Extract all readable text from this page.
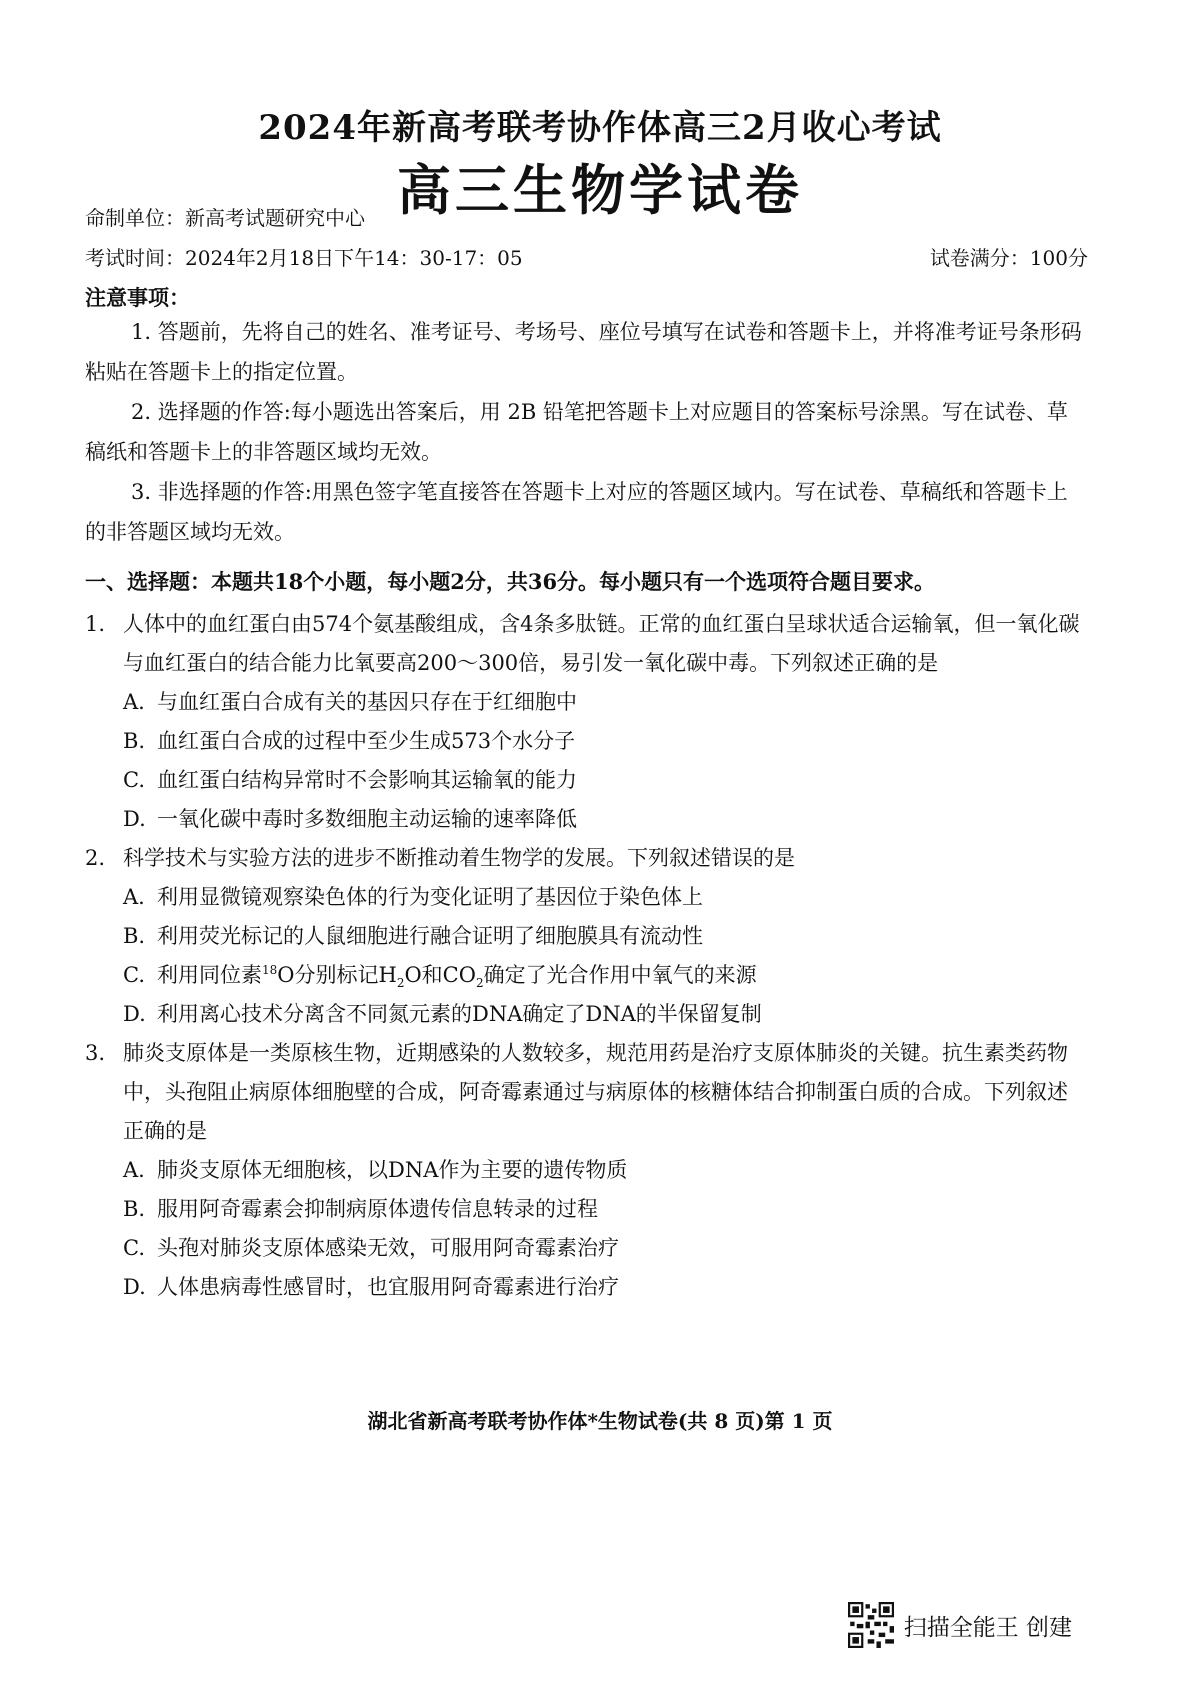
2024年新高考联考协作体高三2月收心考试
高三生物学试卷
命制单位：新高考试题研究中心
考试时间：2024年2月18日下午14：30-17：05	试卷满分：100分
注意事项：

1. 答题前，先将自己的姓名、准考证号、考场号、座位号填写在试卷和答题卡上，并将准考证号条形码粘贴在答题卡上的指定位置。

2. 选择题的作答:每小题选出答案后，用 2B 铅笔把答题卡上对应题目的答案标号涂黑。写在试卷、草稿纸和答题卡上的非答题区域均无效。

3. 非选择题的作答:用黑色签字笔直接答在答题卡上对应的答题区域内。写在试卷、草稿纸和答题卡上的非答题区域均无效。

一、选择题：本题共18个小题，每小题2分，共36分。每小题只有一个选项符合题目要求。
1. 人体中的血红蛋白由574个氨基酸组成，含4条多肽链。正常的血红蛋白呈球状适合运输氧，但一氧化碳与血红蛋白的结合能力比氧要高200～300倍，易引发一氧化碳中毒。下列叙述正确的是
A. 与血红蛋白合成有关的基因只存在于红细胞中
B. 血红蛋白合成的过程中至少生成573个水分子
C. 血红蛋白结构异常时不会影响其运输氧的能力
D. 一氧化碳中毒时多数细胞主动运输的速率降低
2. 科学技术与实验方法的进步不断推动着生物学的发展。下列叙述错误的是
A. 利用显微镜观察染色体的行为变化证明了基因位于染色体上
B. 利用荧光标记的人鼠细胞进行融合证明了细胞膜具有流动性
C. 利用同位素$^{18}$O分别标记$H_2O$和$CO_2$确定了光合作用中氧气的来源
D. 利用离心技术分离含不同氮元素的DNA确定了DNA的半保留复制
3. 肺炎支原体是一类原核生物，近期感染的人数较多，规范用药是治疗支原体肺炎的关键。抗生素类药物中，头孢阻止病原体细胞壁的合成，阿奇霉素通过与病原体的核糖体结合抑制蛋白质的合成。下列叙述正确的是
A. 肺炎支原体无细胞核，以DNA作为主要的遗传物质
B. 服用阿奇霉素会抑制病原体遗传信息转录的过程
C. 头孢对肺炎支原体感染无效，可服用阿奇霉素治疗
D. 人体患病毒性感冒时，也宜服用阿奇霉素进行治疗
湖北省新高考联考协作体*生物试卷(共 8 页)第 1 页
扫描全能王 创建
